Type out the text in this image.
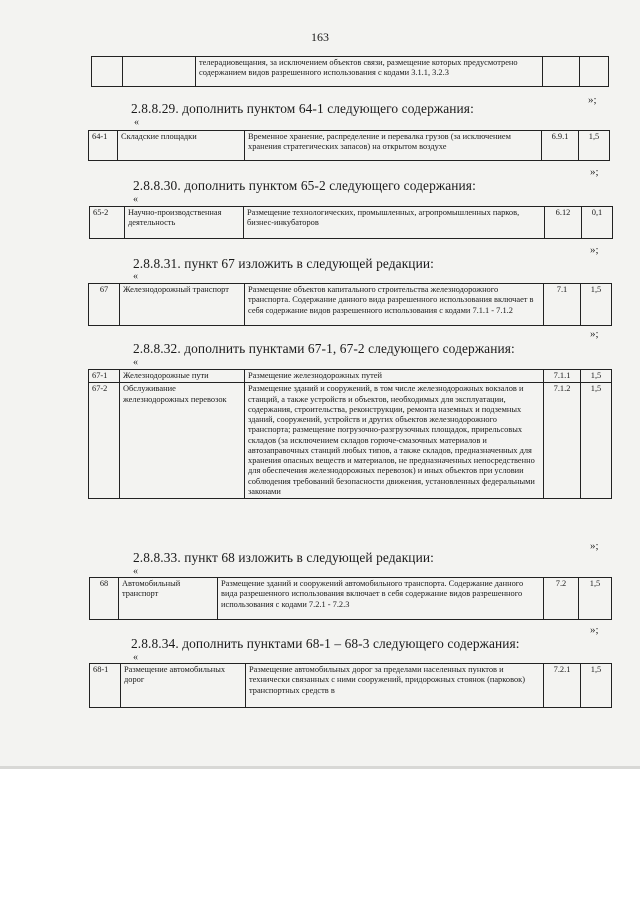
163
		телерадиовещания, за исключением объектов связи, размещение которых предусмотрено содержанием видов разрешенного использования с кодами 3.1.1, 3.2.3		
»;
2.8.8.29. дополнить пунктом 64-1 следующего содержания:
«
64-1	Складские площадки	Временное хранение, распределение и перевалка грузов (за исключением хранения стратегических запасов) на открытом воздухе	6.9.1	1,5
»;
2.8.8.30. дополнить пунктом 65-2 следующего содержания:
«
65-2	Научно-производственная деятельность	Размещение технологических, промышленных, агропромышленных парков, бизнес-инкубаторов	6.12	0,1
»;
2.8.8.31. пункт 67 изложить в следующей редакции:
«
67	Железнодорожный транспорт	Размещение объектов капитального строительства железнодорожного транспорта. Содержание данного вида разрешенного использования включает в себя содержание видов разрешенного использования с кодами 7.1.1 - 7.1.2	7.1	1,5
»;
2.8.8.32. дополнить пунктами 67-1, 67-2 следующего содержания:
«
67-1	Железнодорожные пути	Размещение железнодорожных путей	7.1.1	1,5
67-2	Обслуживание железнодорожных перевозок	Размещение зданий и сооружений, в том числе железнодорожных вокзалов и станций, а также устройств и объектов, необходимых для эксплуатации, содержания, строительства, реконструкции, ремонта наземных и подземных зданий, сооружений, устройств и других объектов железнодорожного транспорта; размещение погрузочно-разгрузочных площадок, прирельсовых складов (за исключением складов горюче-смазочных материалов и автозаправочных станций любых типов, а также складов, предназначенных для хранения опасных веществ и материалов, не предназначенных непосредственно для обеспечения железнодорожных перевозок) и иных объектов при условии соблюдения требований безопасности движения, установленных федеральными законами	7.1.2	1,5
»;
2.8.8.33. пункт 68 изложить в следующей редакции:
«
68	Автомобильный транспорт	Размещение зданий и сооружений автомобильного транспорта. Содержание данного вида разрешенного использования включает в себя содержание видов разрешенного использования с кодами 7.2.1 - 7.2.3	7.2	1,5
»;
2.8.8.34. дополнить пунктами 68-1 – 68-3 следующего содержания:
«
68-1	Размещение автомобильных дорог	Размещение автомобильных дорог за пределами населенных пунктов и технически связанных с ними сооружений, придорожных стоянок (парковок) транспортных средств в	7.2.1	1,5
